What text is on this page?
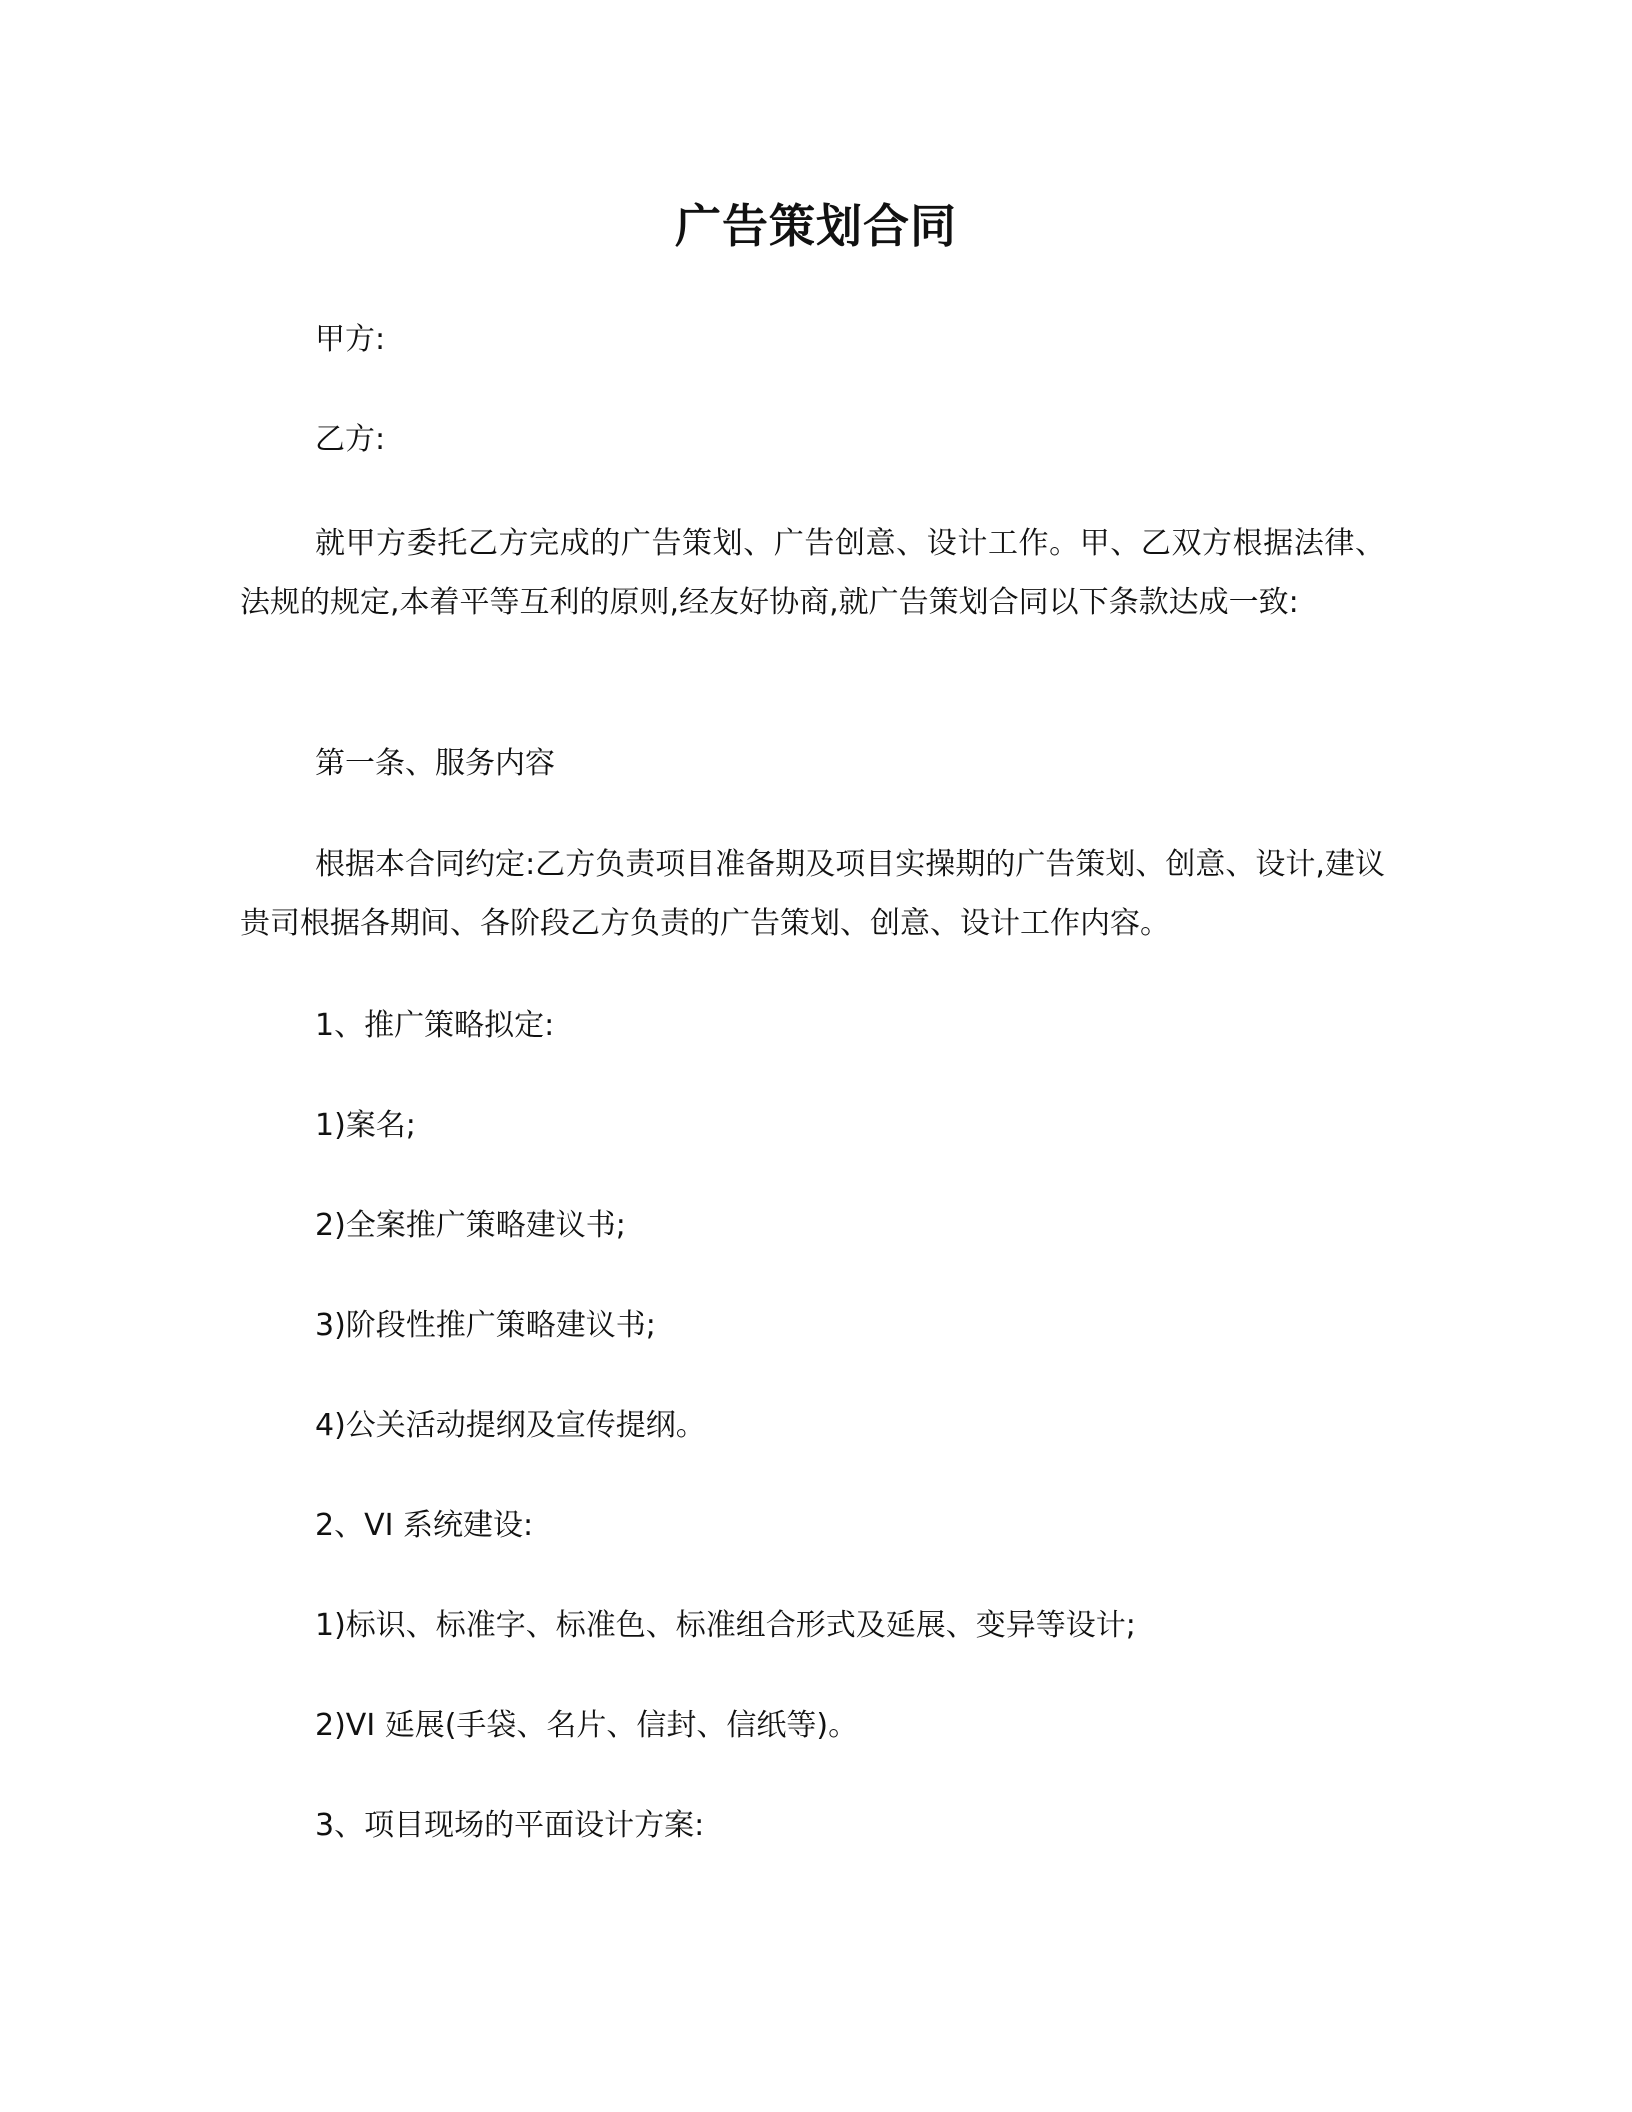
广告策划合同
甲方:
乙方:
就甲方委托乙方完成的广告策划、广告创意、设计工作。甲、乙双方根据法律、法规的规定,本着平等互利的原则,经友好协商,就广告策划合同以下条款达成一致:
第一条、服务内容
根据本合同约定:乙方负责项目准备期及项目实操期的广告策划、创意、设计,建议贵司根据各期间、各阶段乙方负责的广告策划、创意、设计工作内容。
1、推广策略拟定:
1)案名;
2)全案推广策略建议书;
3)阶段性推广策略建议书;
4)公关活动提纲及宣传提纲。
2、VI 系统建设:
1)标识、标准字、标准色、标准组合形式及延展、变异等设计;
2)VI 延展(手袋、名片、信封、信纸等)。
3、项目现场的平面设计方案:
